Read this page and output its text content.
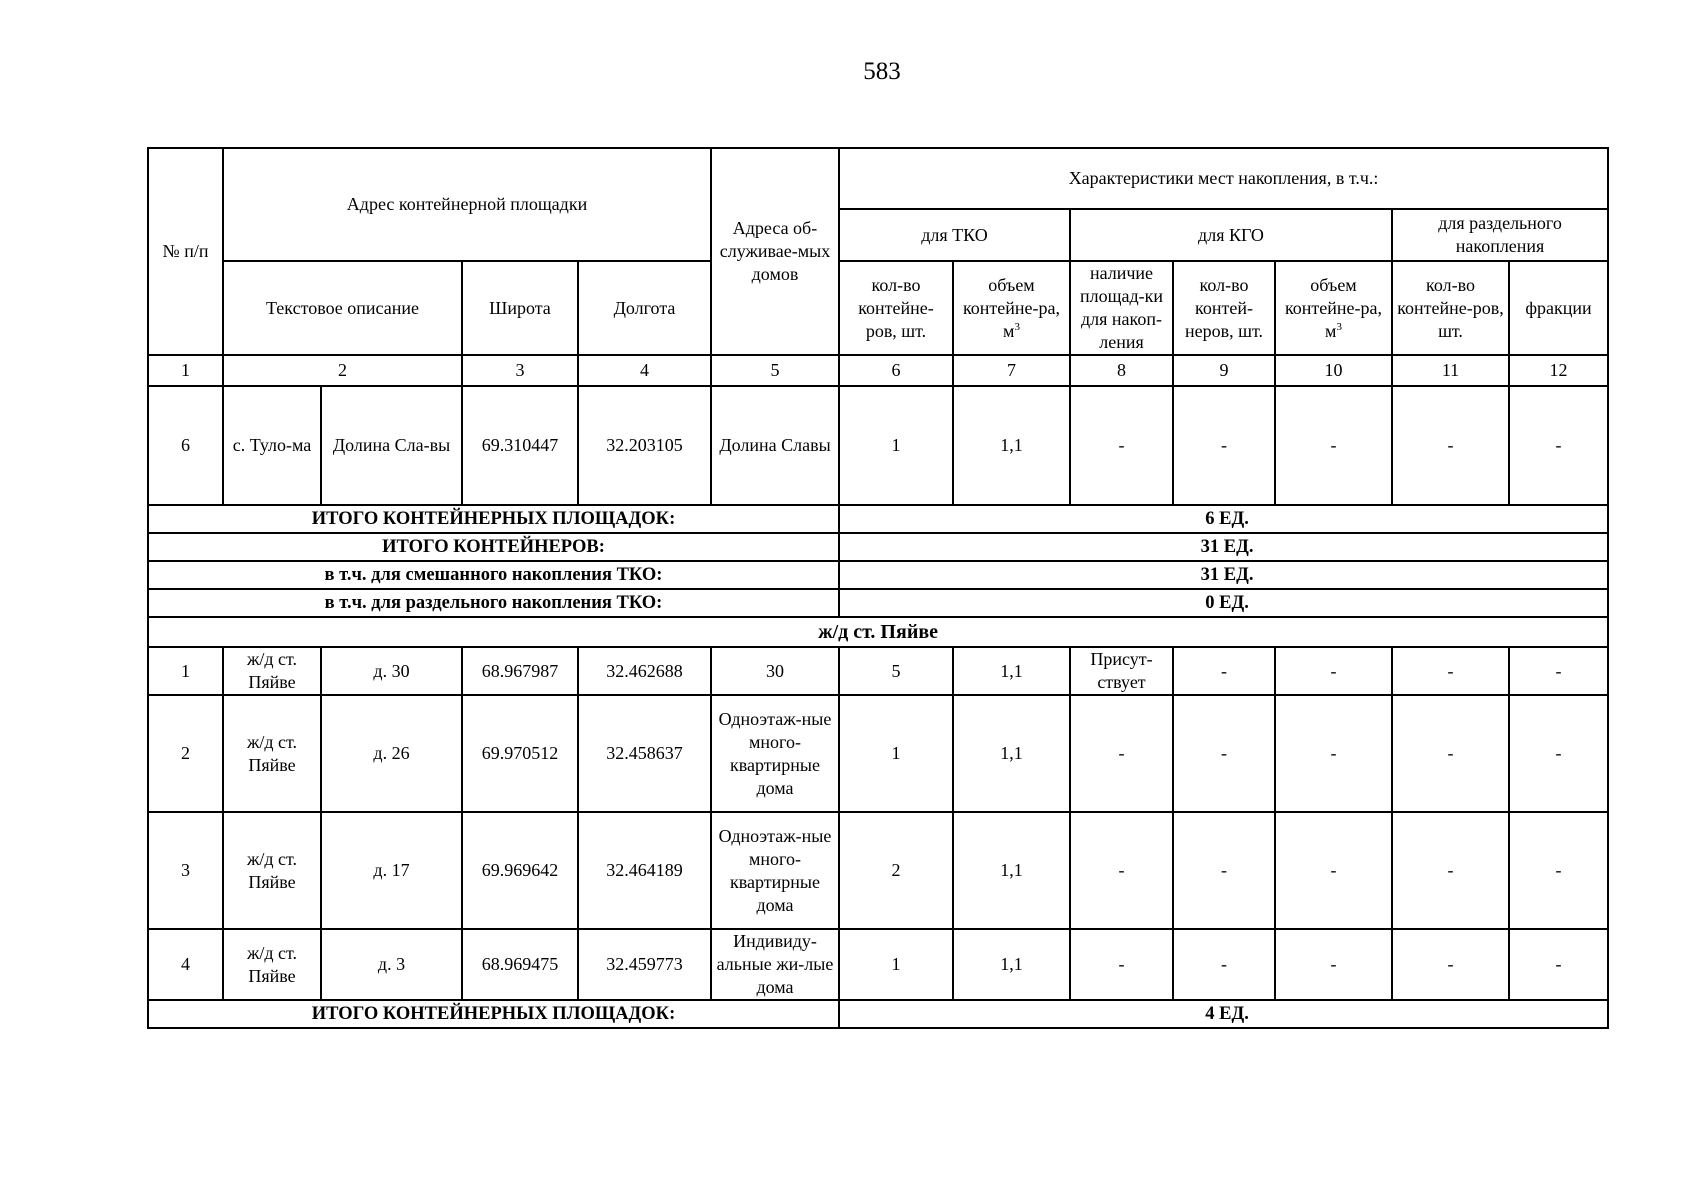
583
№ п/п	Адрес контейнерной площадки				Адреса об-служивае-мых домов	Характеристики мест накопления, в т.ч.:						
						для ТКО		для КГО			для раздельного накопления	
						кол-во контейне-ров, шт.	объем контейне-ра, $м^3$	наличие площад-ки для накоп-ления	кол-во контей-неров, шт.	объем контейне-ра, $м^3$	кол-во контейне-ров, шт.	фракции
	Текстовое описание		Широта	Долгота								
1	2		3	4	5	6	7	8	9	10	11	12
6	с. Туло-ма	Долина Сла-вы	69.310447	32.203105	Долина Славы	1	1,1	-	-	-	-	-
ИТОГО КОНТЕЙНЕРНЫХ ПЛОЩАДОК:						6 ЕД.						
ИТОГО КОНТЕЙНЕРОВ:						31 ЕД.						
в т.ч. для смешанного накопления ТКО:						31 ЕД.						
в т.ч. для раздельного накопления ТКО:						0 ЕД.						
ж/д ст. Пяйве												
1	ж/д ст. Пяйве	д. 30	68.967987	32.462688	30	5	1,1	Присут-ствует	-	-	-	-
2	ж/д ст. Пяйве	д. 26	69.970512	32.458637	Одноэтаж-ные много-квартирные дома	1	1,1	-	-	-	-	-
3	ж/д ст. Пяйве	д. 17	69.969642	32.464189	Одноэтаж-ные много-квартирные дома	2	1,1	-	-	-	-	-
4	ж/д ст. Пяйве	д. 3	68.969475	32.459773	Индивиду-альные жи-лые дома	1	1,1	-	-	-	-	-
ИТОГО КОНТЕЙНЕРНЫХ ПЛОЩАДОК:						4 ЕД.						
